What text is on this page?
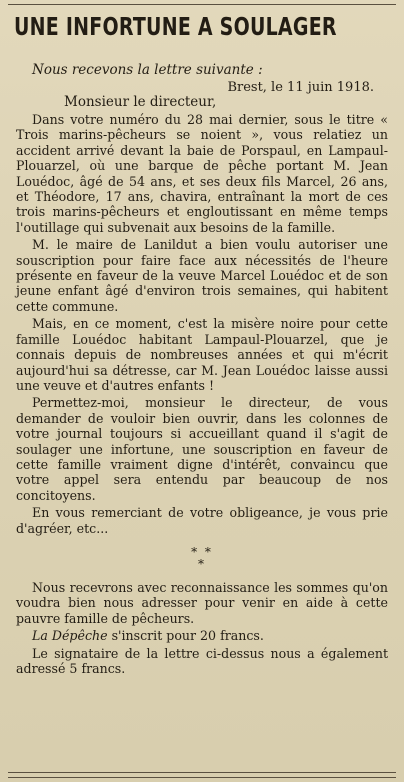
UNE INFORTUNE A SOULAGER
Nous recevons la lettre suivante :
Brest, le 11 juin 1918.
Monsieur le directeur,

Dans votre numéro du 28 mai dernier, sous le titre « Trois marins-pêcheurs se noient », vous relatiez un accident arrivé devant la baie de Porspaul, en Lampaul-Plouarzel, où une barque de pêche portant M. Jean Louédoc, âgé de 54 ans, et ses deux fils Marcel, 26 ans, et Théodore, 17 ans, chavira, entraînant la mort de ces trois marins-pêcheurs et engloutissant en même temps l'outillage qui subvenait aux besoins de la famille.

M. le maire de Lanildut a bien voulu autoriser une souscription pour faire face aux nécessités de l'heure présente en faveur de la veuve Marcel Louédoc et de son jeune enfant âgé d'environ trois semaines, qui habitent cette commune.

Mais, en ce moment, c'est la misère noire pour cette famille Louédoc habitant Lampaul-Plouarzel, que je connais depuis de nombreuses années et qui m'écrit aujourd'hui sa détresse, car M. Jean Louédoc laisse aussi une veuve et d'autres enfants !

Permettez-moi, monsieur le directeur, de vous demander de vouloir bien ouvrir, dans les colonnes de votre journal toujours si accueillant quand il s'agit de soulager une infortune, une souscription en faveur de cette famille vraiment digne d'intérêt, convaincu que votre appel sera entendu par beaucoup de nos concitoyens.

En vous remerciant de votre obligeance, je vous prie d'agréer, etc...

* *
*

Nous recevrons avec reconnaissance les sommes qu'on voudra bien nous adresser pour venir en aide à cette pauvre famille de pêcheurs.

La Dépêche s'inscrit pour 20 francs.

Le signataire de la lettre ci-dessus nous a également adressé 5 francs.
